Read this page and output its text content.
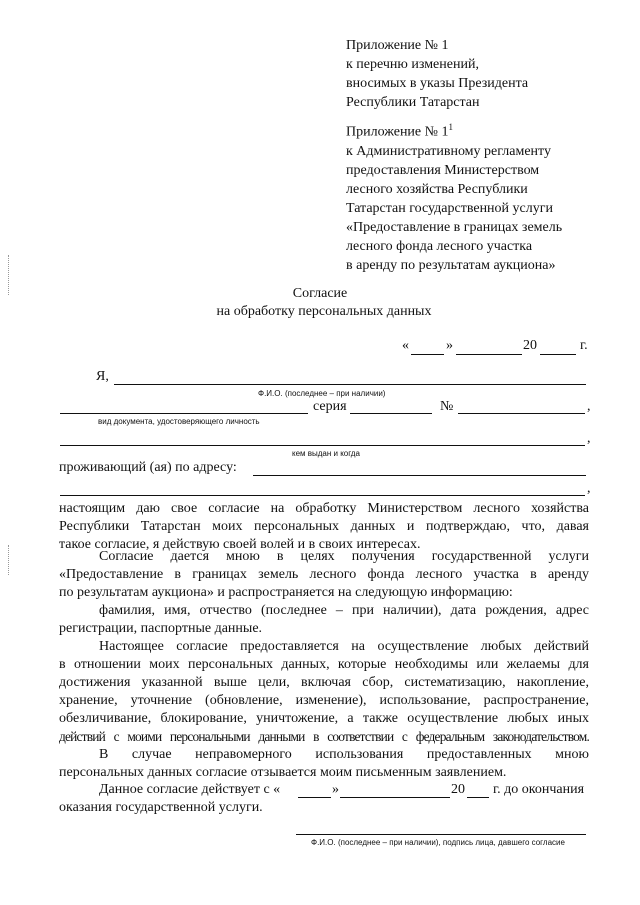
Приложение № 1
к перечню изменений,
вносимых в указы Президента
Республики Татарстан
Приложение № $1^1$
к Административному регламенту
предоставления Министерством
лесного хозяйства Республики
Татарстан государственной услуги
«Предоставление в границах земель
лесного фонда лесного участка
в аренду по результатам аукциона»
Согласие
на обработку персональных данных
«	»	20	г.
Я,
Ф.И.О. (последнее – при наличии)
серия	№	,
вид документа, удостоверяющего личность
,
кем выдан и когда
проживающий (ая) по адресу:
,
настоящим даю свое согласие на обработку Министерством лесного хозяйства
Республики Татарстан моих персональных данных и подтверждаю, что, давая
такое согласие, я действую своей волей и в своих интересах.
Согласие дается мною в целях получения государственной услуги
«Предоставление в границах земель лесного фонда лесного участка в аренду
по результатам аукциона» и распространяется на следующую информацию:
фамилия, имя, отчество (последнее – при наличии), дата рождения, адрес
регистрации, паспортные данные.
Настоящее согласие предоставляется на осуществление любых действий
в отношении моих персональных данных, которые необходимы или желаемы для
достижения указанной выше цели, включая сбор, систематизацию, накопление,
хранение, уточнение (обновление, изменение), использование, распространение,
обезличивание, блокирование, уничтожение, а также осуществление любых иных
действий с моими персональными данными в соответствии с федеральным законодательством.
В случае неправомерного использования предоставленных мною
персональных данных согласие отзывается моим письменным заявлением.
Данное согласие действует с «	»	20 г. до окончания
оказания государственной услуги.
Ф.И.О. (последнее – при наличии), подпись лица, давшего согласие
